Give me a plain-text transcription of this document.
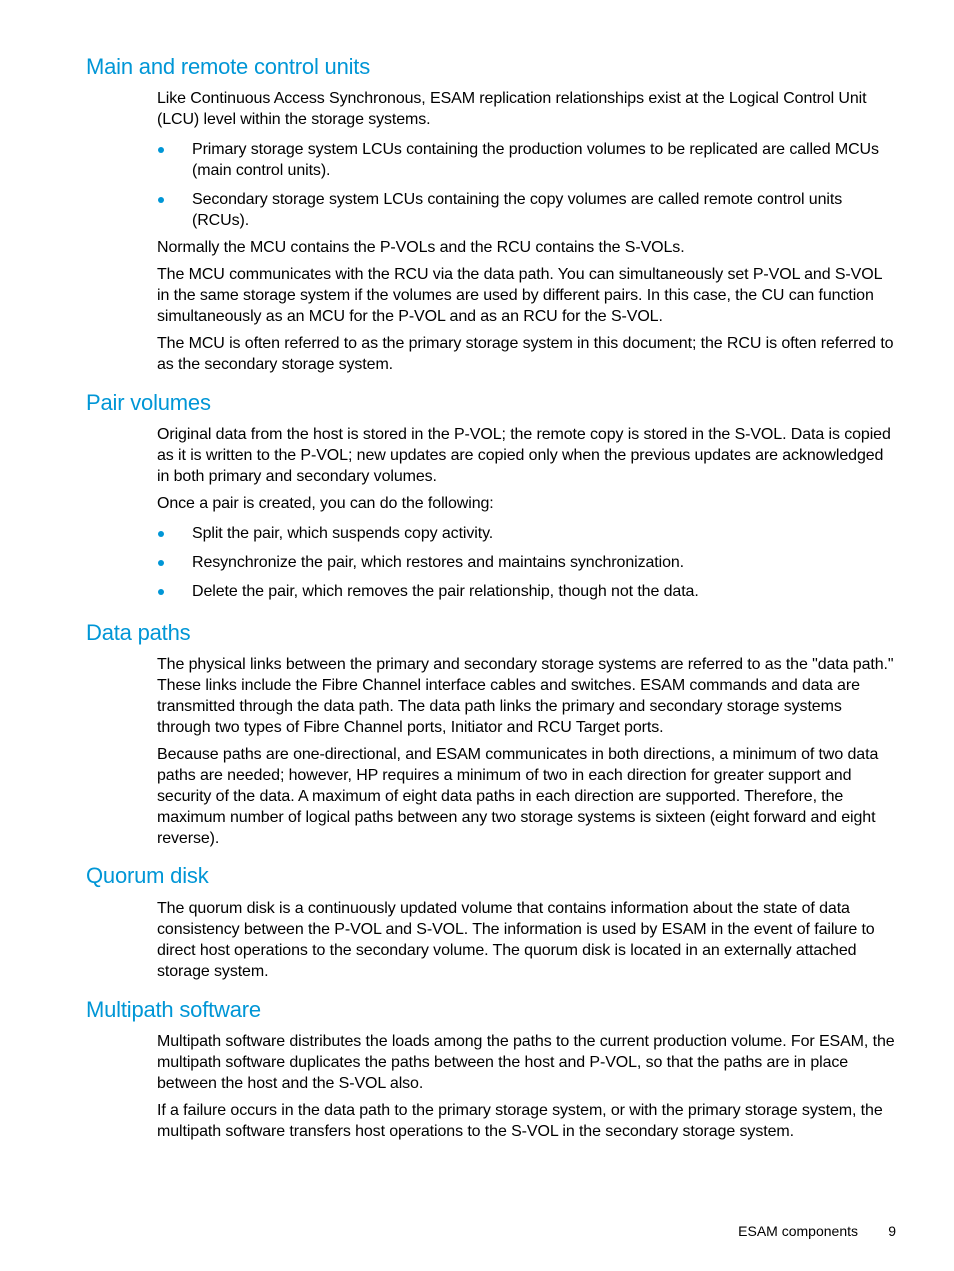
Main and remote control units

Like Continuous Access Synchronous, ESAM replication relationships exist at the Logical Control Unit (LCU) level within the storage systems.

Primary storage system LCUs containing the production volumes to be replicated are called MCUs (main control units).
Secondary storage system LCUs containing the copy volumes are called remote control units (RCUs).

Normally the MCU contains the P-VOLs and the RCU contains the S-VOLs.

The MCU communicates with the RCU via the data path. You can simultaneously set P-VOL and S-VOL in the same storage system if the volumes are used by different pairs. In this case, the CU can function simultaneously as an MCU for the P-VOL and as an RCU for the S-VOL.

The MCU is often referred to as the primary storage system in this document; the RCU is often referred to as the secondary storage system.

Pair volumes

Original data from the host is stored in the P-VOL; the remote copy is stored in the S-VOL. Data is copied as it is written to the P-VOL; new updates are copied only when the previous updates are acknowledged in both primary and secondary volumes.

Once a pair is created, you can do the following:

Split the pair, which suspends copy activity.
Resynchronize the pair, which restores and maintains synchronization.
Delete the pair, which removes the pair relationship, though not the data.
Data paths

The physical links between the primary and secondary storage systems are referred to as the "data path." These links include the Fibre Channel interface cables and switches. ESAM commands and data are transmitted through the data path. The data path links the primary and secondary storage systems through two types of Fibre Channel ports, Initiator and RCU Target ports.

Because paths are one-directional, and ESAM communicates in both directions, a minimum of two data paths are needed; however, HP requires a minimum of two in each direction for greater support and security of the data. A maximum of eight data paths in each direction are supported. Therefore, the maximum number of logical paths between any two storage systems is sixteen (eight forward and eight reverse).

Quorum disk

The quorum disk is a continuously updated volume that contains information about the state of data consistency between the P-VOL and S-VOL. The information is used by ESAM in the event of failure to direct host operations to the secondary volume. The quorum disk is located in an externally attached storage system.

Multipath software

Multipath software distributes the loads among the paths to the current production volume. For ESAM, the multipath software duplicates the paths between the host and P-VOL, so that the paths are in place between the host and the S-VOL also.

If a failure occurs in the data path to the primary storage system, or with the primary storage system, the multipath software transfers host operations to the S-VOL in the secondary storage system.

ESAM components 9
